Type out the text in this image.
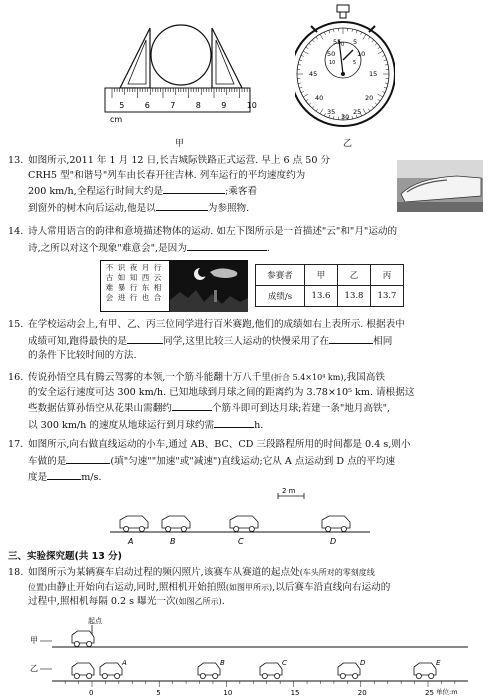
cm
5	6	7	8	9	10
甲
55 5
50	10
45	15
40	20
35
30
25
0
5
10
乙
13. 如图所示,2011 年 1 月 12 日,长吉城际铁路正式运营. 早上 6 点 50 分
CRH5 型"和谐号"列车由长春开往吉林. 列车运行的平均速度约为
200 km/h,全程运行时间大约是	;乘客看
到窗外的树木向后运动,他是以	为参照物.
14. 诗人常用语言的韵律和意境描述物体的运动. 如左下图所示是一首描述"云"和"月"运动的
诗,之所以对这个现象"难意会",是因为	.
不古难会
识如暴进
夜知行行
月西东也
行云相合
参赛者	甲	乙	丙
成绩/s	13.6	13.8	13.7
15. 在学校运动会上,有甲、乙、丙三位同学进行百米赛跑,他们的成绩如右上表所示. 根据表中
成绩可知,跑得最快的是	同学,这里比较三人运动的快慢采用了在	相同
的条件下比较时间的方法.
16. 传说孙悟空具有腾云驾雾的本领,一个筋斗能翻十万八千里(折合 5.4×10⁴ km),我国高铁
的安全运行速度可达 300 km/h. 已知地球到月球之间的距离约为 3.78×10⁵ km. 请根据这
些数据估算孙悟空从花果山需翻约	个筋斗即可到达月球;若建一条"地月高铁",
以 300 km/h 的速度从地球运行到月球约需	h.
17. 如图所示,向右做直线运动的小车,通过 AB、BC、CD 三段路程所用的时间都是 0.4 s,则小
车做的是	(填"匀速""加速"或"减速")直线运动;它从 A 点运动到 D 点的平均速
度是	m/s.
2 m
A	B	C	D
三、实验探究题(共 13 分)
18. 如图所示为某辆赛车启动过程的频闪照片,该赛车从赛道的起点处(车头所对的零刻度线
位置)由静止开始向右运动,同时,照相机开始拍照(如图甲所示),以后赛车沿直线向右运动的
过程中,照相机每隔 0.2 s 曝光一次(如图乙所示).
起点
甲
乙
A	B	C	D	E
0	5	10	15	20	25 单位:m
